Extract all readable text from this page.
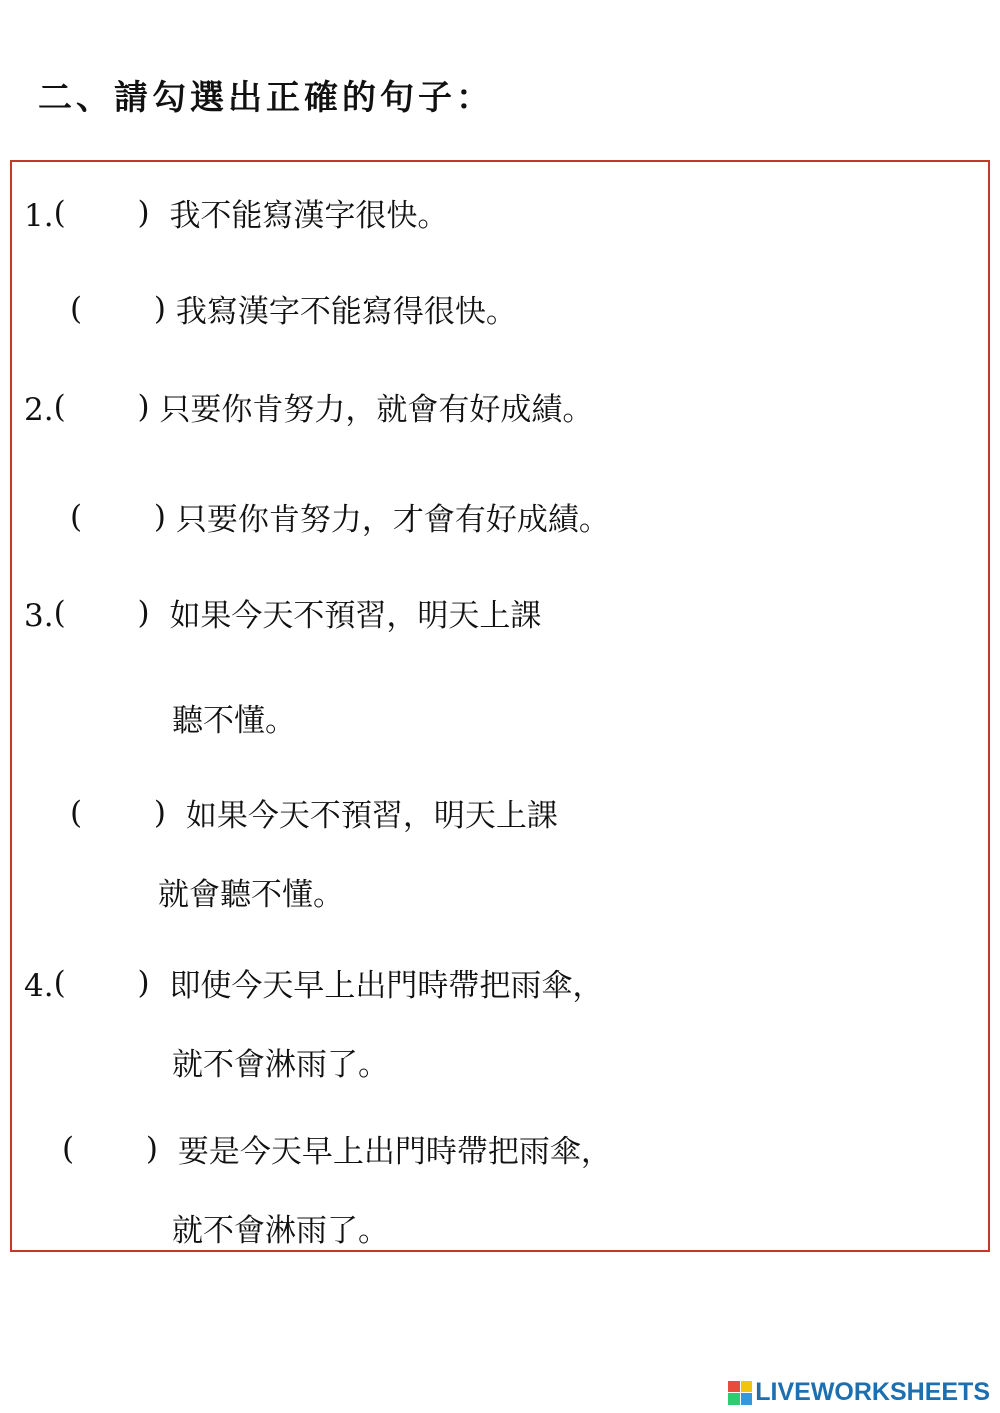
二、請勾選出正確的句子：
1. ( ) 我不能寫漢字很快。
( ) 我寫漢字不能寫得很快。
2. ( ) 只要你肯努力，就會有好成績。
( ) 只要你肯努力，才會有好成績。
3. ( ) 如果今天不預習，明天上課
聽不懂。
( ) 如果今天不預習，明天上課
就會聽不懂。
4. ( ) 即使今天早上出門時帶把雨傘，
就不會淋雨了。
( ) 要是今天早上出門時帶把雨傘，
就不會淋雨了。
LIVEWORKSHEETS
